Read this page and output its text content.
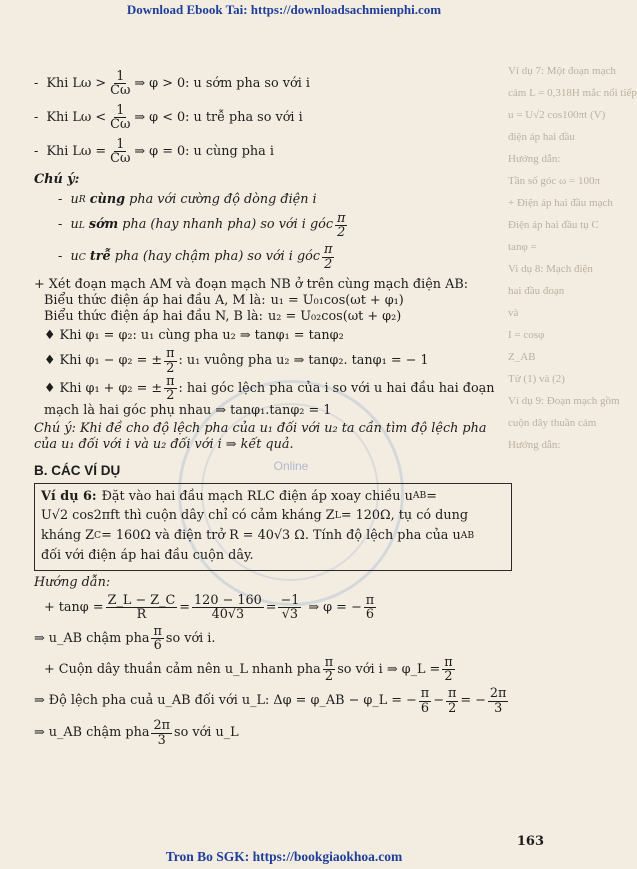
Download Ebook Tai: https://downloadsachmienphi.com
Ví dụ 7: Một đoạn mạch
cảm L = 0,318H mắc nối tiếp
u = U√2 cos100πt (V)
điện áp hai đầu
Hướng dẫn:
Tần số góc ω = 100π
+ Điện áp hai đầu mạch
Điện áp hai đầu tụ C
tanφ =
Vi dụ 8: Mạch điện
hai đầu đoạn
và
I = cosφ
Z_AB
Tử (1) và (2)
Ví dụ 9: Đoạn mạch gồm
cuộn dây thuần cảm
Hướng dẫn:
Online
- Khi $L\omega > \frac{1}{C\omega}$ ⇒ φ > 0: u sớm pha so với i
- Khi $L\omega < \frac{1}{C\omega}$ ⇒ φ < 0: u trễ pha so với i
- Khi $L\omega = \frac{1}{C\omega}$ ⇒ φ = 0: u cùng pha i
Chú ý:
- u R
cùng
pha với cường độ dòng điện i
- u L
sớm
pha (hay nhanh pha) so với i góc $\frac{\pi}{2}$
- u C
trễ
pha (hay chậm pha) so với i góc $\frac{\pi}{2}$
+ Xét đoạn mạch AM và đoạn mạch NB ở trên cùng mạch điện AB:
Biểu thức điện áp hai đầu A, M là: u₁ = U₀₁cos(ωt + φ₁)
Biểu thức điện áp hai đầu N, B là: u₂ = U₀₂cos(ωt + φ₂)
♦ Khi φ₁ = φ₂: u₁ cùng pha u₂ ⇒ tanφ₁ = tanφ₂
♦ Khi φ₁ − φ₂ = ± $\frac{\pi}{2}$ : u₁ vuông pha u₂ ⇒ tanφ₂. tanφ₁ = − 1
♦ Khi φ₁ + φ₂ = ± $\frac{\pi}{2}$ : hai góc lệch pha của i so với u hai đầu hai đoạn
mạch là hai góc phụ nhau ⇒ tanφ₁.tanφ₂ = 1
Chú ý: Khi đề cho độ lệch pha của u₁ đối với u₂ ta cần tìm độ lệch pha
của u₁ đối với i và u₂ đối với i ⇒ kết quả.
B. CÁC VÍ DỤ
Ví dụ 6: Đặt vào hai đầu mạch RLC điện áp xoay chiều u AB =
U√2 cos2πft thì cuộn dây chỉ có cảm kháng Z L = 120Ω, tụ có dung
kháng Z C = 160Ω và điện trở R = 40√3 Ω. Tính độ lệch pha của u AB
đối với điện áp hai đầu cuộn dây.
Hướng dẫn:
+ $\tan\varphi = \frac{Z\_L - Z\_C}{R} = \frac{120 - 160}{40√3} = \frac{-1}{√3}$ ⇒ φ = − $\frac{\pi}{6}$
⇒ u_AB chậm pha $\frac{\pi}{6}$ so với i.
+ Cuộn dây thuần cảm nên u_L nhanh pha $\frac{\pi}{2}$ so với i ⇒ φ_L = $\frac{\pi}{2}$
⇒ Độ lệch pha cuả u_AB đối với u_L: Δφ = φ_AB − φ_L = − $\frac{\pi}{6} - \frac{\pi}{2}$ = − $\frac{2\pi}{3}$
⇒ u_AB chậm pha $\frac{2\pi}{3}$ so với u_L
163
Tron Bo SGK: https://bookgiaokhoa.com
